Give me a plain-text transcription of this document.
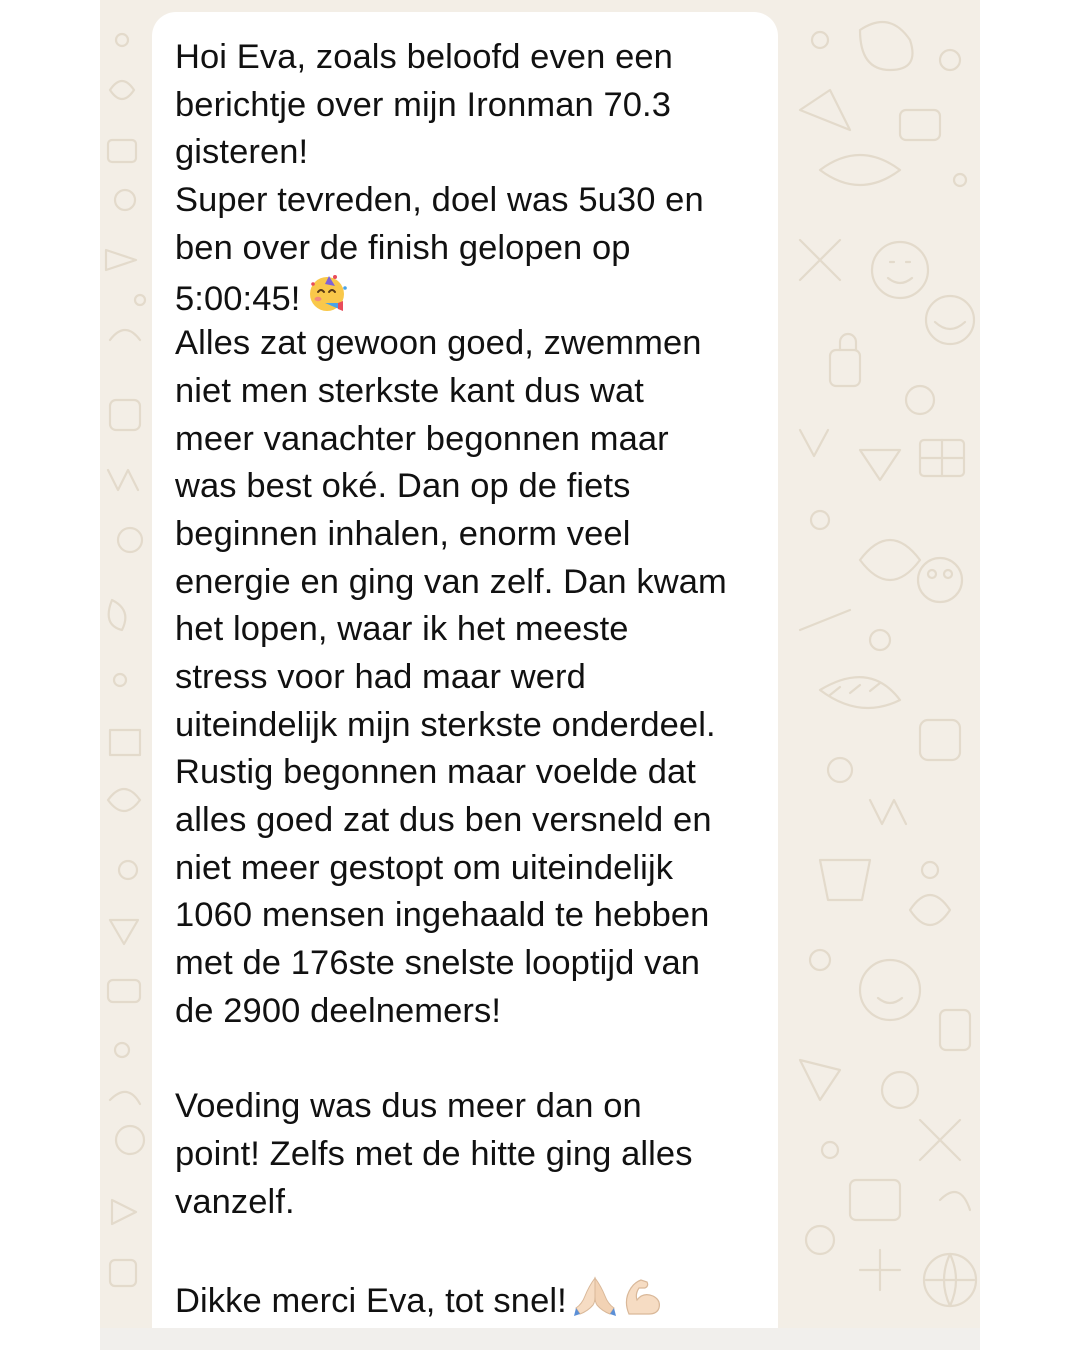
Hoi Eva, zoals beloofd even een
berichtje over mijn Ironman 70.3
gisteren!
Super tevreden, doel was 5u30 en
ben over de finish gelopen op
5:00:45!
Alles zat gewoon goed, zwemmen
niet men sterkste kant dus wat
meer vanachter begonnen maar
was best oké. Dan op de fiets
beginnen inhalen, enorm veel
energie en ging van zelf. Dan kwam
het lopen, waar ik het meeste
stress voor had maar werd
uiteindelijk mijn sterkste onderdeel.
Rustig begonnen maar voelde dat
alles goed zat dus ben versneld en
niet meer gestopt om uiteindelijk
1060 mensen ingehaald te hebben
met de 176ste snelste looptijd van
de 2900 deelnemers!
Voeding was dus meer dan on
point! Zelfs met de hitte ging alles
vanzelf.
Dikke merci Eva, tot snel!
